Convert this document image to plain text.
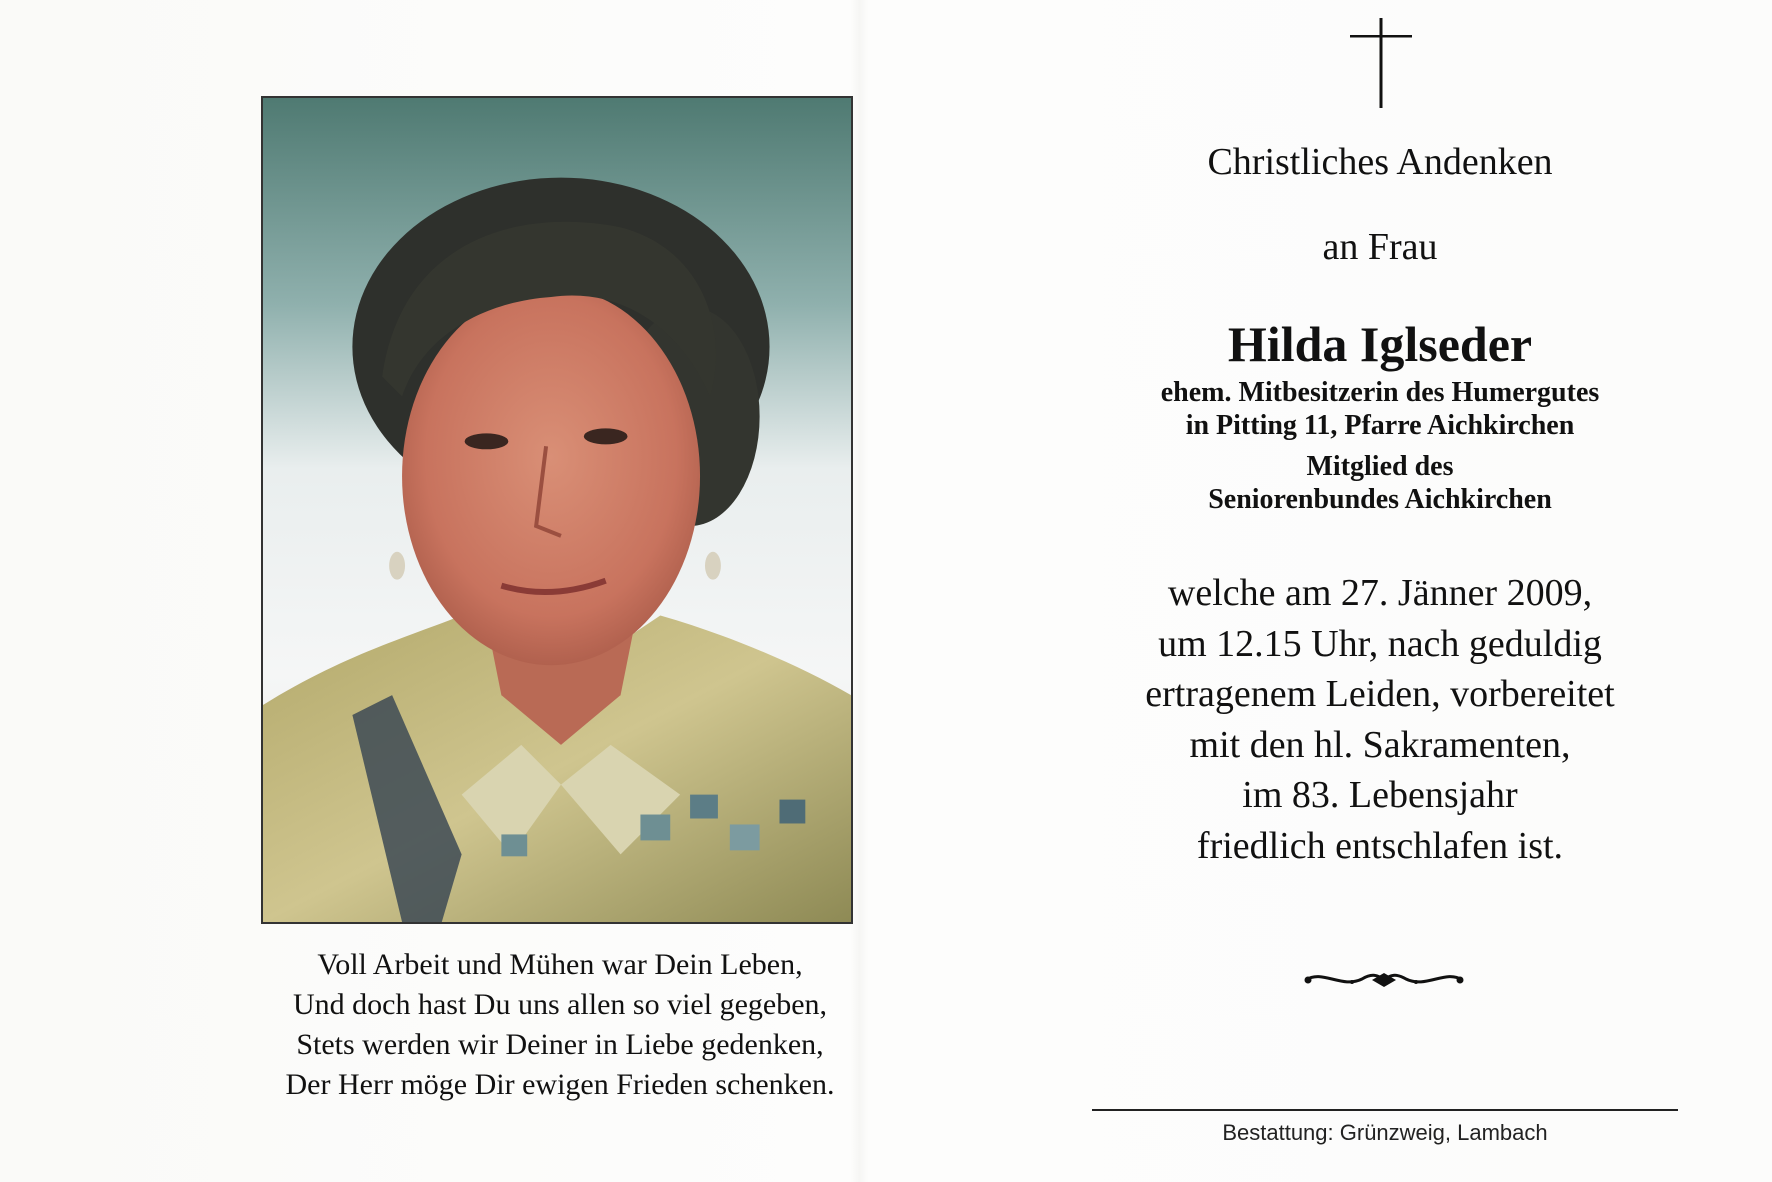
Voll Arbeit und Mühen war Dein Leben,
Und doch hast Du uns allen so viel gegeben,
Stets werden wir Deiner in Liebe gedenken,
Der Herr möge Dir ewigen Frieden schenken.
Christliches Andenken
an Frau
Hilda Iglseder
ehem. Mitbesitzerin des Humergutes
in Pitting 11, Pfarre Aichkirchen
Mitglied des
Seniorenbundes Aichkirchen
welche am 27. Jänner 2009,
um 12.15 Uhr, nach geduldig
ertragenem Leiden, vorbereitet
mit den hl. Sakramenten,
im 83. Lebensjahr
friedlich entschlafen ist.
Bestattung: Grünzweig, Lambach
